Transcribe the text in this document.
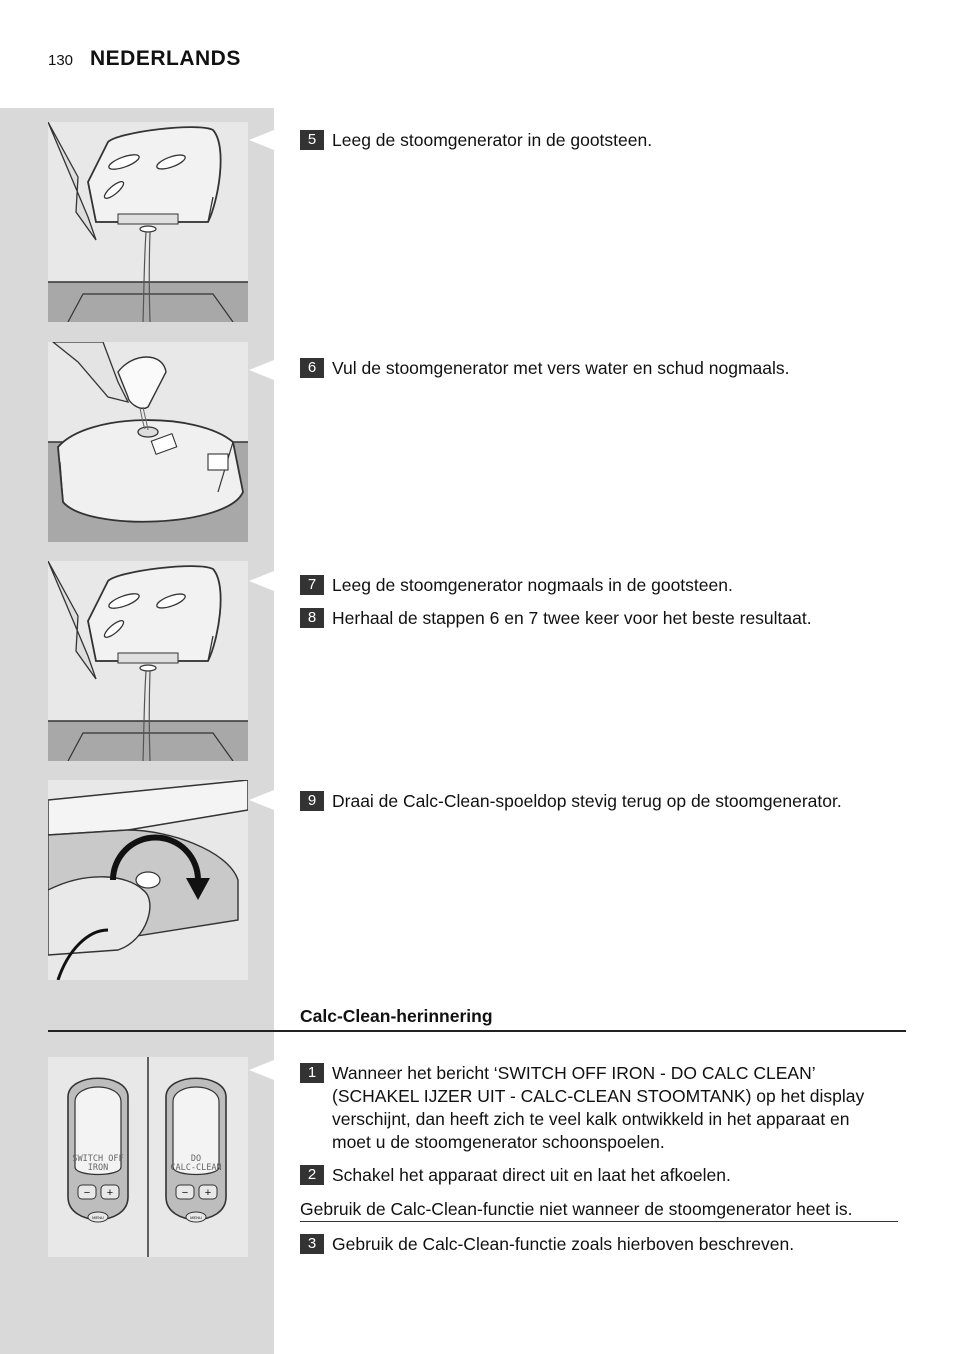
130 NEDERLANDS
5 Leeg de stoomgenerator in de gootsteen.
6 Vul de stoomgenerator met vers water en schud nogmaals.
7 Leeg de stoomgenerator nogmaals in de gootsteen.
8 Herhaal de stappen 6 en 7 twee keer voor het beste resultaat.
9 Draai de Calc-Clean-spoeldop stevig terug op de stoomgenerator.
Calc-Clean-herinnering
SWITCH OFF
IRON
− +
MENU
DO
CALC-CLEAN
− +
MENU
1 Wanneer het bericht ‘SWITCH OFF IRON - DO CALC CLEAN’ (SCHAKEL IJZER UIT - CALC-CLEAN STOOMTANK) op het display verschijnt, dan heeft zich te veel kalk ontwikkeld in het apparaat en moet u de stoomgenerator schoonspoelen.
2 Schakel het apparaat direct uit en laat het afkoelen.
Gebruik de Calc-Clean-functie niet wanneer de stoomgenerator heet is.
3 Gebruik de Calc-Clean-functie zoals hierboven beschreven.
